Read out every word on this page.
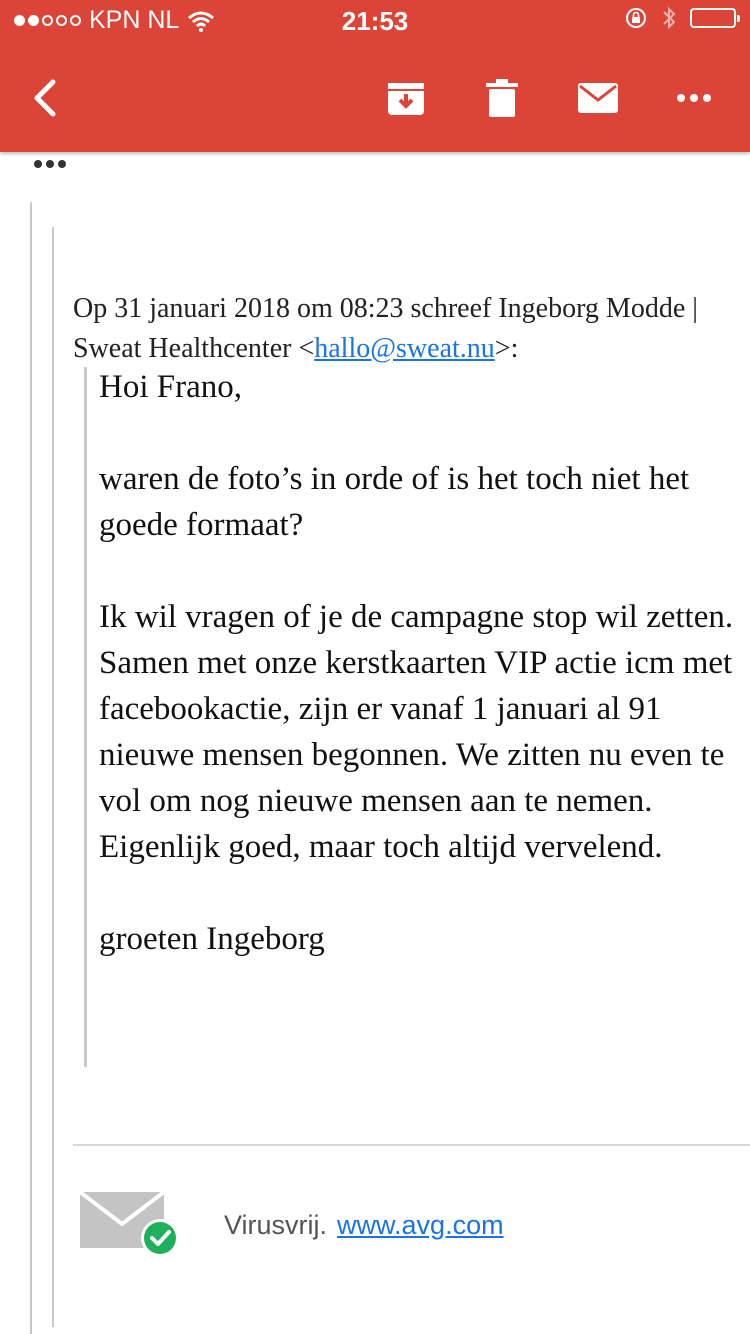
KPN NL	21:53
Op 31 januari 2018 om 08:23 schreef Ingeborg Modde | Sweat Healthcenter <hallo@sweat.nu>:

Hoi Frano,

waren de foto’s in orde of is het toch niet het goede formaat?

Ik wil vragen of je de campagne stop wil zetten. Samen met onze kerstkaarten VIP actie icm met facebookactie, zijn er vanaf 1 januari al 91 nieuwe mensen begonnen. We zitten nu even te vol om nog nieuwe mensen aan te nemen. Eigenlijk goed, maar toch altijd vervelend.

groeten Ingeborg

Virusvrij. www.avg.com
